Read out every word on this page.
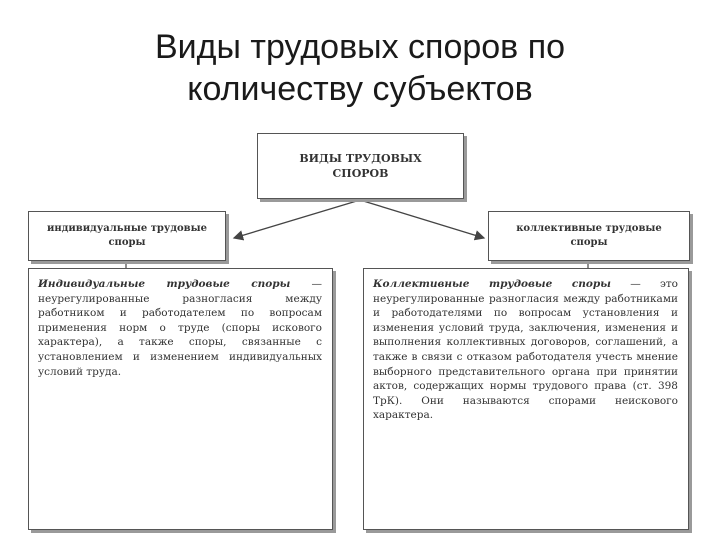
Виды трудовых споров по
количеству субъектов
ВИДЫ ТРУДОВЫХ
СПОРОВ
индивидуальные трудовые
споры
коллективные трудовые
споры
Индивидуальные трудовые споры — неурегулированные разногласия между работником и работодателем по вопросам применения норм о труде (споры искового характера), а также споры, связанные с установлением и изменением индивидуальных условий труда.
Коллективные трудовые споры — это неурегулированные разногласия между работниками и работодателями по вопросам установления и изменения условий труда, заключения, изменения и выполнения коллективных договоров, соглашений, а также в связи с отказом работодателя учесть мнение выборного представительного органа при принятии актов, содержащих нормы трудового права (ст. 398 ТрК). Они называются спорами неискового характера.
